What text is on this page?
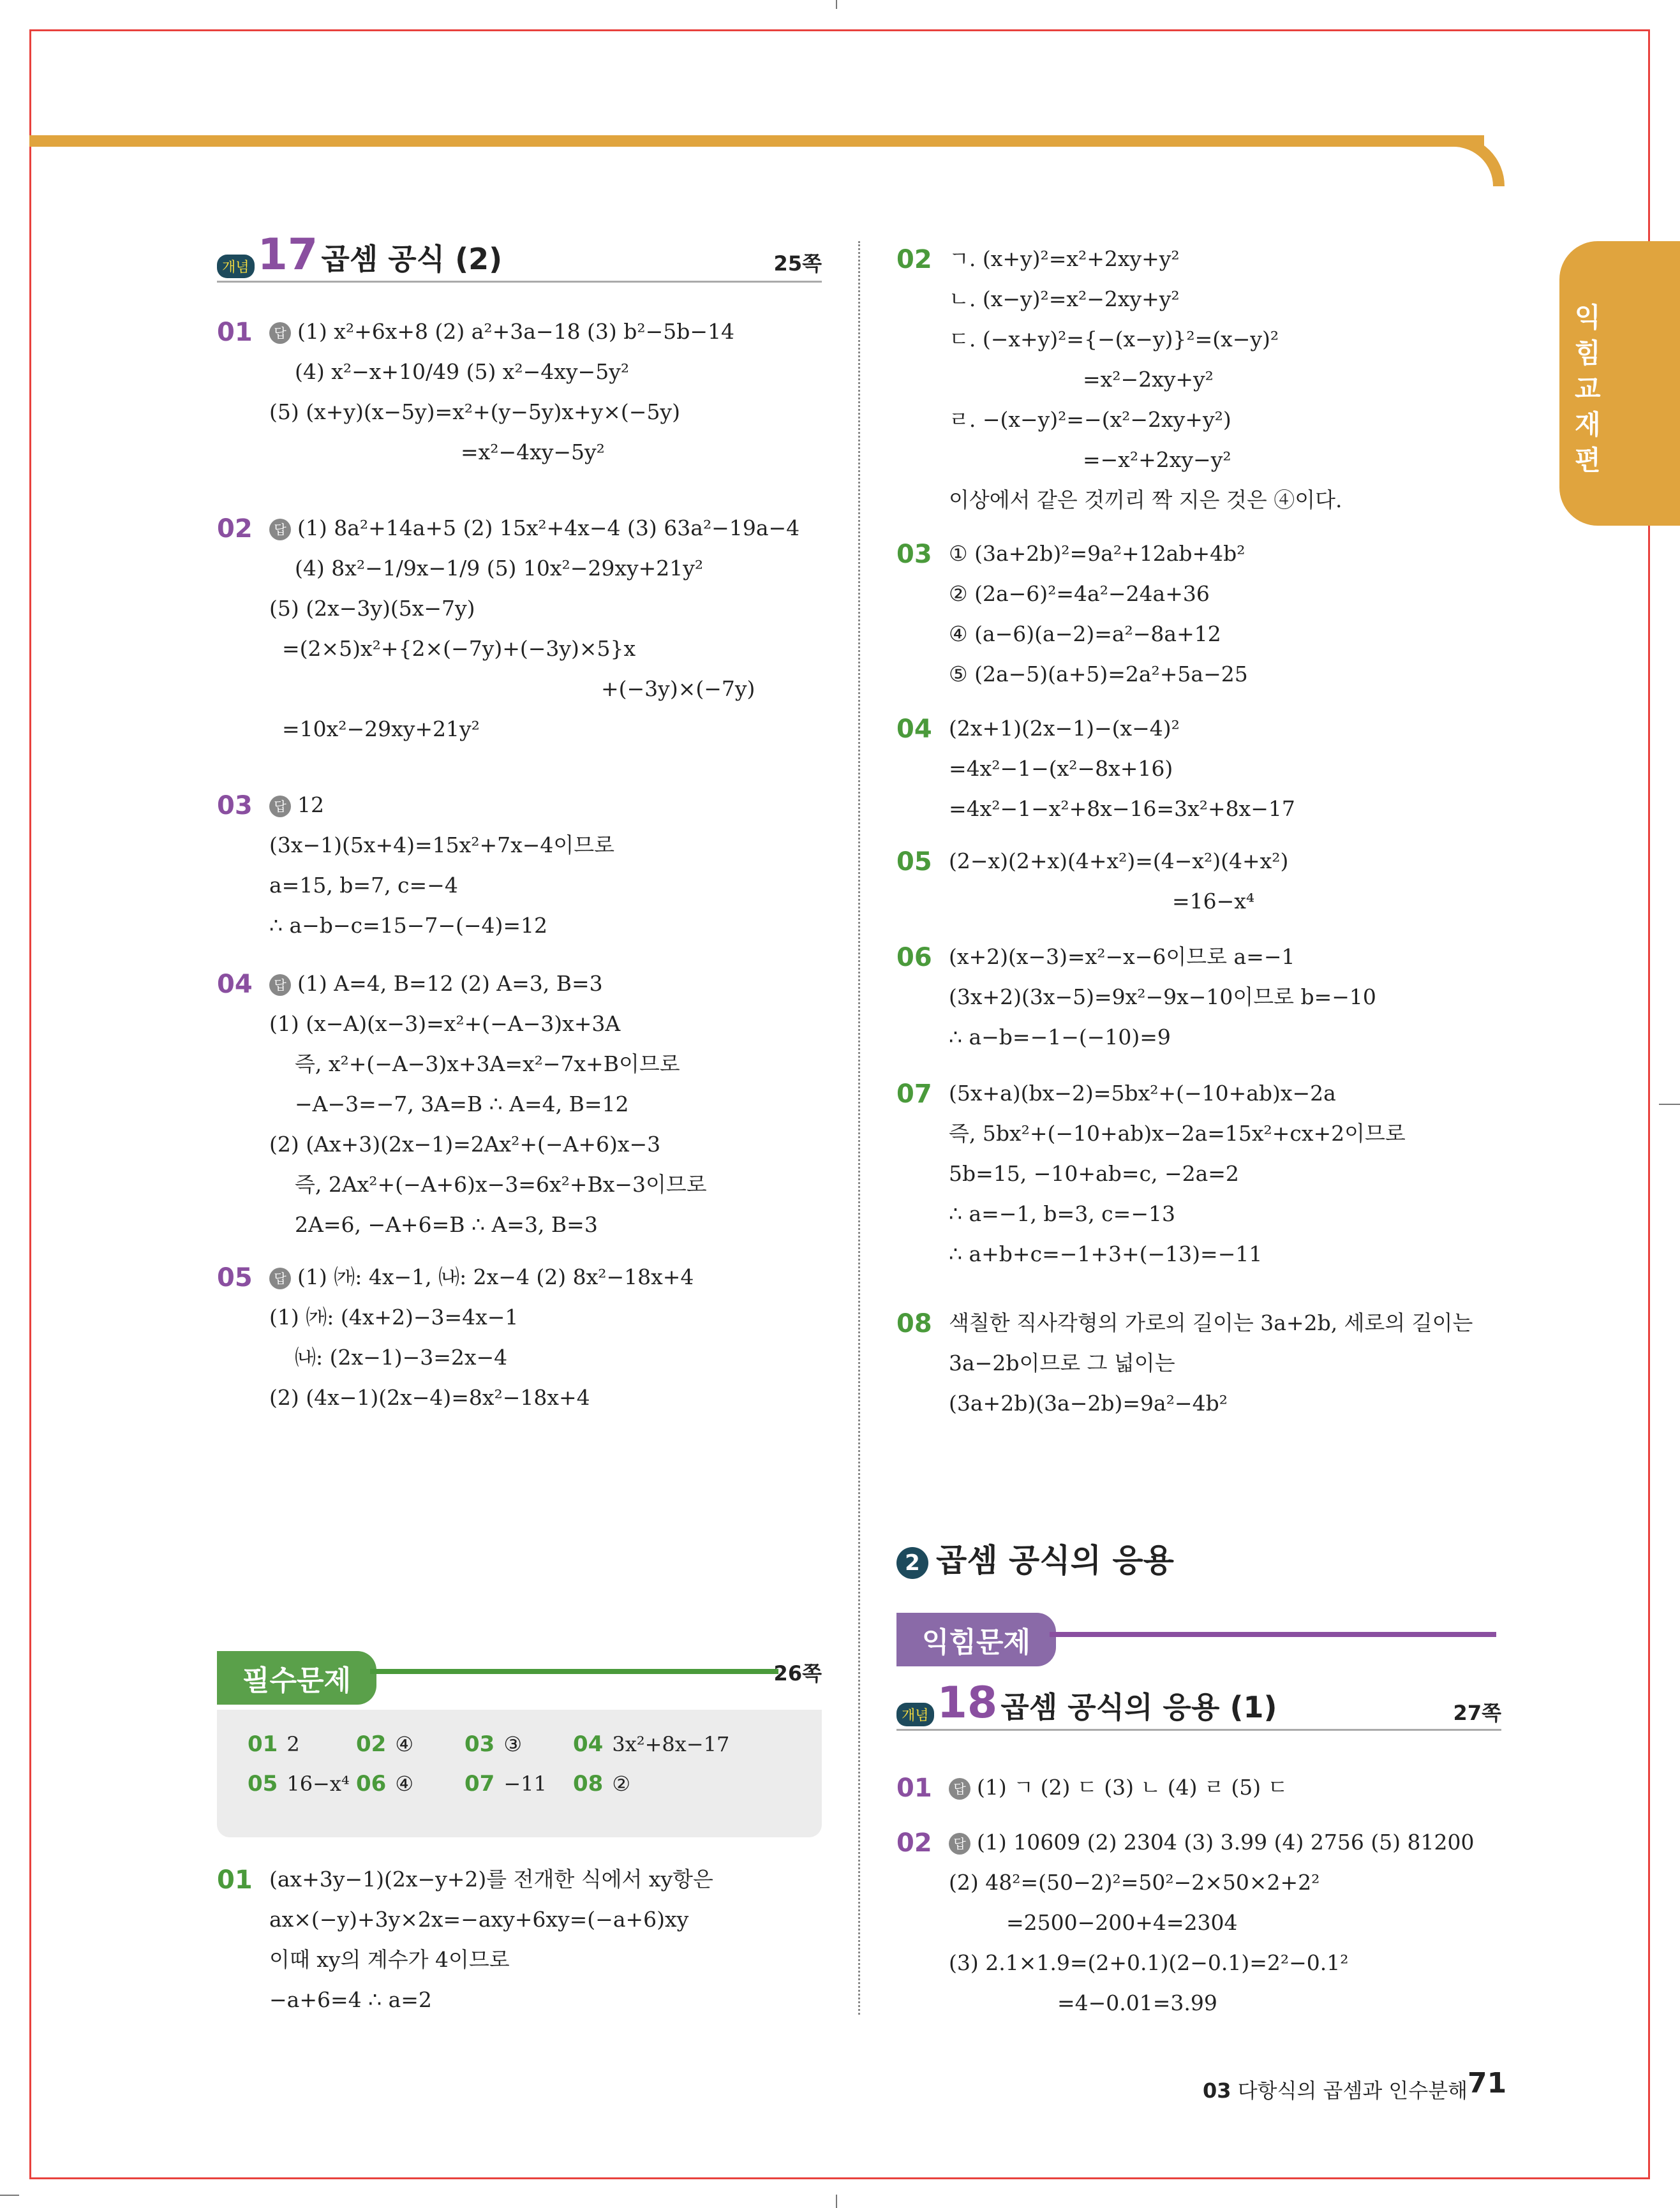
익힘교재편
개념 17 곱셈 공식 (2)	25쪽
01	답 (1) x²+6x+8 (2) a²+3a−18 (3) b²−5b−14
(4) x²−x+10/49 (5) x²−4xy−5y²
(5) (x+y)(x−5y)=x²+(y−5y)x+y×(−5y)
=x²−4xy−5y²
02	답 (1) 8a²+14a+5 (2) 15x²+4x−4 (3) 63a²−19a−4
(4) 8x²−1/9x−1/9 (5) 10x²−29xy+21y²
(5) (2x−3y)(5x−7y)
=(2×5)x²+{2×(−7y)+(−3y)×5}x
+(−3y)×(−7y)
=10x²−29xy+21y²
03	답 12
(3x−1)(5x+4)=15x²+7x−4이므로
a=15, b=7, c=−4
∴ a−b−c=15−7−(−4)=12
04	답 (1) A=4, B=12 (2) A=3, B=3
(1) (x−A)(x−3)=x²+(−A−3)x+3A
즉, x²+(−A−3)x+3A=x²−7x+B이므로
−A−3=−7, 3A=B ∴ A=4, B=12
(2) (Ax+3)(2x−1)=2Ax²+(−A+6)x−3
즉, 2Ax²+(−A+6)x−3=6x²+Bx−3이므로
2A=6, −A+6=B ∴ A=3, B=3
05	답 (1) ㈎: 4x−1, ㈏: 2x−4 (2) 8x²−18x+4
(1) ㈎: (4x+2)−3=4x−1
㈏: (2x−1)−3=2x−4
(2) (4x−1)(2x−4)=8x²−18x+4
필수문제	26쪽
01 2	02 ④ 03 ③ 04 3x²+8x−17
05 16−x⁴ 06 ④ 07 −11 08 ②
01 (ax+3y−1)(2x−y+2)를 전개한 식에서 xy항은
ax×(−y)+3y×2x=−axy+6xy=(−a+6)xy
이때 xy의 계수가 4이므로
−a+6=4 ∴ a=2
02 ㄱ. (x+y)²=x²+2xy+y²
ㄴ. (x−y)²=x²−2xy+y²
ㄷ. (−x+y)²={−(x−y)}²=(x−y)²
=x²−2xy+y²
ㄹ. −(x−y)²=−(x²−2xy+y²)
=−x²+2xy−y²
이상에서 같은 것끼리 짝 지은 것은 ④이다.
03 ① (3a+2b)²=9a²+12ab+4b²
② (2a−6)²=4a²−24a+36
④ (a−6)(a−2)=a²−8a+12
⑤ (2a−5)(a+5)=2a²+5a−25
04 (2x+1)(2x−1)−(x−4)²
=4x²−1−(x²−8x+16)
=4x²−1−x²+8x−16=3x²+8x−17
05 (2−x)(2+x)(4+x²)=(4−x²)(4+x²)
=16−x⁴
06 (x+2)(x−3)=x²−x−6이므로 a=−1
(3x+2)(3x−5)=9x²−9x−10이므로 b=−10
∴ a−b=−1−(−10)=9
07 (5x+a)(bx−2)=5bx²+(−10+ab)x−2a
즉, 5bx²+(−10+ab)x−2a=15x²+cx+2이므로
5b=15, −10+ab=c, −2a=2
∴ a=−1, b=3, c=−13
∴ a+b+c=−1+3+(−13)=−11
08 색칠한 직사각형의 가로의 길이는 3a+2b, 세로의 길이는
3a−2b이므로 그 넓이는
(3a+2b)(3a−2b)=9a²−4b²
2 곱셈 공식의 응용
익힘문제
개념 18 곱셈 공식의 응용 (1)	27쪽
01	답 (1) ㄱ (2) ㄷ (3) ㄴ (4) ㄹ (5) ㄷ
02	답 (1) 10609 (2) 2304 (3) 3.99 (4) 2756 (5) 81200
(2) 48²=(50−2)²=50²−2×50×2+2²
=2500−200+4=2304
(3) 2.1×1.9=(2+0.1)(2−0.1)=2²−0.1²
=4−0.01=3.99
03 다항식의 곱셈과 인수분해 71
